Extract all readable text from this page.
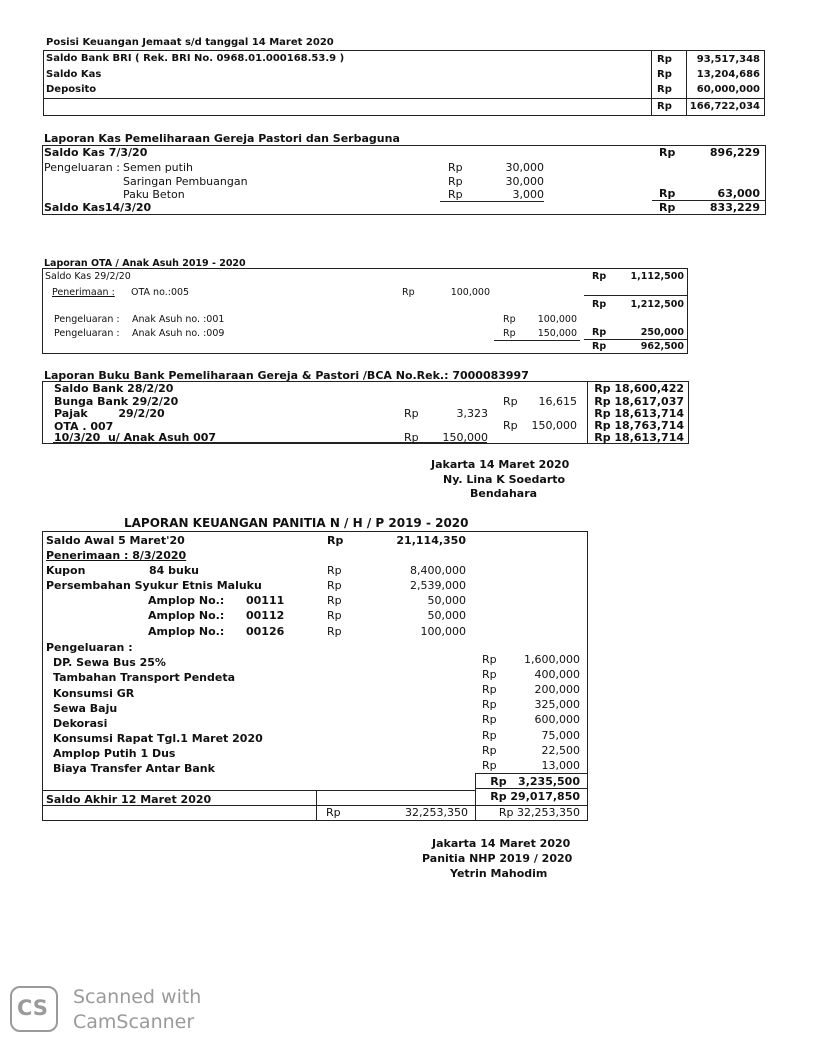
Posisi Keuangan Jemaat s/d tanggal 14 Maret 2020
Saldo Bank BRI ( Rek. BRI No. 0968.01.000168.53.9 )	Rp 93,517,348
Saldo Kas	Rp 13,204,686
Deposito	Rp 60,000,000
Rp 166,722,034
Laporan Kas Pemeliharaan Gereja Pastori dan Serbaguna
Saldo Kas 7/3/20	Rp	896,229
Pengeluaran : Semen putih	Rp	30,000
Saringan Pembuangan	Rp	30,000
Paku Beton	Rp	3,000	Rp	63,000
Saldo Kas14/3/20	Rp	833,229
Laporan OTA / Anak Asuh 2019 - 2020
Saldo Kas 29/2/20	Rp	1,112,500
Penerimaan : OTA no.:005	Rp	100,000
Rp	1,212,500
Pengeluaran : Anak Asuh no. :001	Rp 100,000
Pengeluaran : Anak Asuh no. :009	Rp 150,000 Rp	250,000
Rp	962,500
Laporan Buku Bank Pemeliharaan Gereja & Pastori /BCA No.Rek.: 7000083997
Saldo Bank 28/2/20	Rp 18,600,422
Bunga Bank 29/2/20	Rp 16,615 Rp 18,617,037
Pajak        29/2/20	Rp	3,323	Rp 18,613,714
OTA . 007	Rp 150,000 Rp 18,763,714
10/3/20  u/ Anak Asuh 007	Rp 150,000	Rp 18,613,714
Jakarta 14 Maret 2020
Ny. Lina K Soedarto
Bendahara
LAPORAN KEUANGAN PANITIA N / H / P 2019 - 2020
Saldo Awal 5 Maret'20	Rp	21,114,350
Penerimaan : 8/3/2020
Kupon	84 buku	Rp	8,400,000
Persembahan Syukur Etnis Maluku	Rp	2,539,000
Amplop No.: 00111	Rp	50,000
Amplop No.: 00112	Rp	50,000
Amplop No.: 00126	Rp	100,000
Pengeluaran :
DP. Sewa Bus 25%	Rp 1,600,000
Tambahan Transport Pendeta	Rp	400,000
Konsumsi GR	Rp	200,000
Sewa Baju	Rp	325,000
Dekorasi	Rp	600,000
Konsumsi Rapat Tgl.1 Maret 2020	Rp	75,000
Amplop Putih 1 Dus	Rp	22,500
Biaya Transfer Antar Bank	Rp	13,000
Rp   3,235,500
Saldo Akhir 12 Maret 2020	Rp 29,017,850
Rp	32,253,350	Rp 32,253,350
Jakarta 14 Maret 2020
Panitia NHP 2019 / 2020
Yetrin Mahodim
CS Scanned with
CamScanner
